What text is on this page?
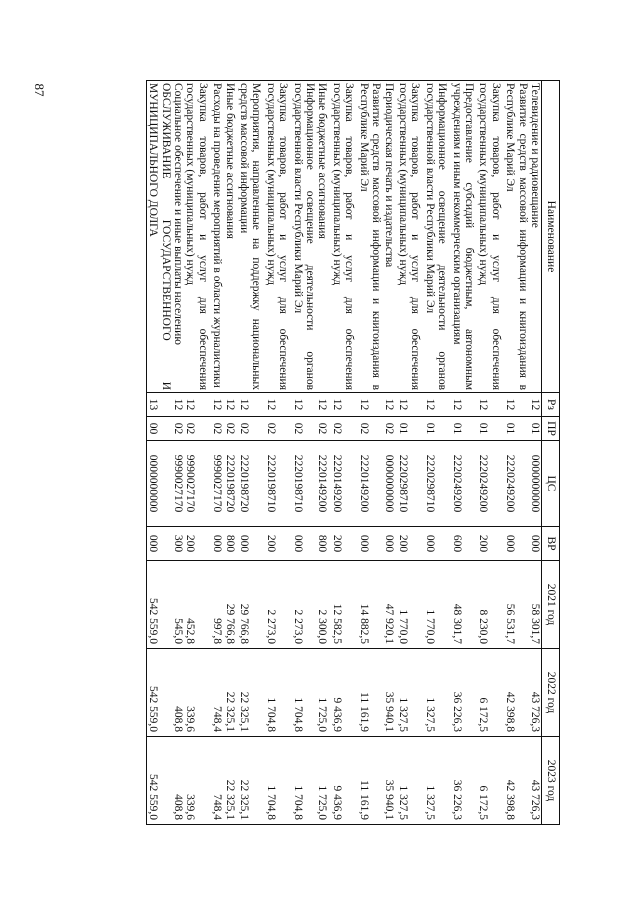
87
Наименование	Рз	ПР	ЦС	ВР	2021 год	2022 год	2023 год
Телевидение и радиовещание	12	01	0000000000	000	58 301,7	43 726,3	43 726,3
Развитие средств массовой информации и книгоиздания в Республике Марий Эл	12	01	2220249200	000	56 531,7	42 398,8	42 398,8
Закупка товаров, работ и услуг для обеспечения государственных (муниципальных) нужд	12	01	2220249200	200	8 230,0	6 172,5	6 172,5
Предоставление субсидий бюджетным, автономным учреждениям и иным некоммерческим организациям	12	01	2220249200	600	48 301,7	36 226,3	36 226,3
Информационное освещение деятельности органов государственной власти Республики Марий Эл	12	01	2220298710	000	1 770,0	1 327,5	1 327,5
Закупка товаров, работ и услуг для обеспечения государственных (муниципальных) нужд	12	01	2220298710	200	1 770,0	1 327,5	1 327,5
Периодическая печать и издательства	12	02	0000000000	000	47 920,1	35 940,1	35 940,1
Развитие средств массовой информации и книгоиздания в Республике Марий Эл	12	02	2220149200	000	14 882,5	11 161,9	11 161,9
Закупка товаров, работ и услуг для обеспечения государственных (муниципальных) нужд	12	02	2220149200	200	12 582,5	9 436,9	9 436,9
Иные бюджетные ассигнования	12	02	2220149200	800	2 300,0	1 725,0	1 725,0
Информационное освещение деятельности органов государственной власти Республики Марий Эл	12	02	2220198710	000	2 273,0	1 704,8	1 704,8
Закупка товаров, работ и услуг для обеспечения государственных (муниципальных) нужд	12	02	2220198710	200	2 273,0	1 704,8	1 704,8
Мероприятия, направленные на поддержку национальных средств массовой информации	12	02	2220198720	000	29 766,8	22 325,1	22 325,1
Иные бюджетные ассигнования	12	02	2220198720	800	29 766,8	22 325,1	22 325,1
Расходы на проведение мероприятий в области журналистики	12	02	9990027170	000	997,8	748,4	748,4
Закупка товаров, работ и услуг для обеспечения государственных (муниципальных) нужд	12	02	9990027170	200	452,8	339,6	339,6
Социальное обеспечение и иные выплаты населению	12	02	9990027170	300	545,0	408,8	408,8
ОБСЛУЖИВАНИЕ ГОСУДАРСТВЕННОГО И МУНИЦИПАЛЬНОГО ДОЛГА	13	00	0000000000	000	542 559,0	542 559,0	542 559,0
